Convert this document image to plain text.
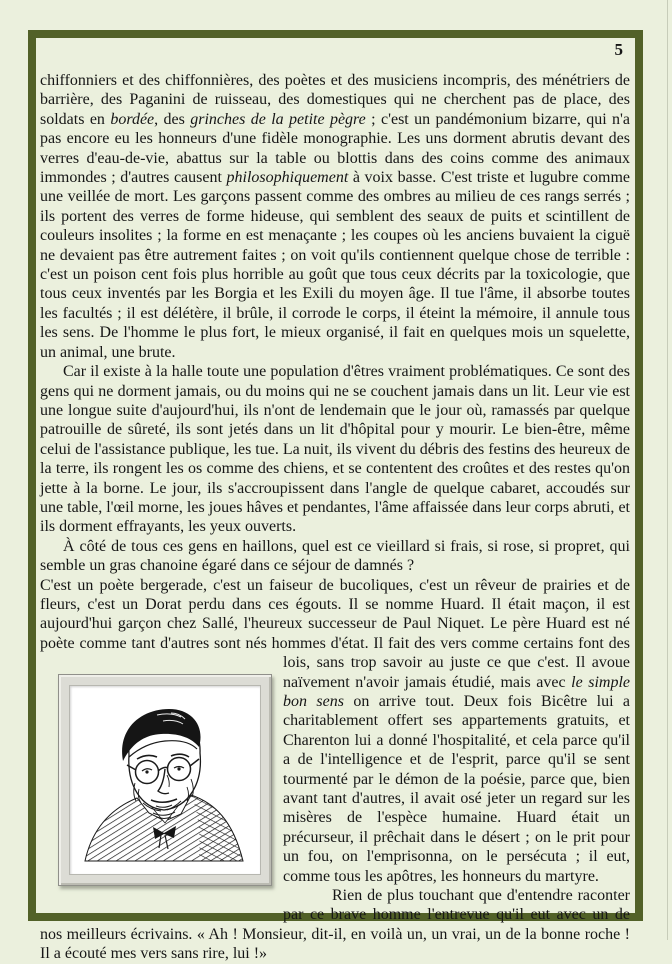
5

chiffonniers et des chiffonnières, des poètes et des musiciens incompris, des ménétriers de barrière, des Paganini de ruisseau, des domestiques qui ne cherchent pas de place, des soldats en bordée, des grinches de la petite pègre ; c'est un pandémonium bizarre, qui n'a pas encore eu les honneurs d'une fidèle monographie. Les uns dorment abrutis devant des verres d'eau-de-vie, abattus sur la table ou blottis dans des coins comme des animaux immondes ; d'autres causent philosophiquement à voix basse. C'est triste et lugubre comme une veillée de mort. Les garçons passent comme des ombres au milieu de ces rangs serrés ; ils portent des verres de forme hideuse, qui semblent des seaux de puits et scintillent de couleurs insolites ; la forme en est menaçante ; les coupes où les anciens buvaient la ciguë ne devaient pas être autrement faites ; on voit qu'ils contiennent quelque chose de terrible : c'est un poison cent fois plus horrible au goût que tous ceux décrits par la toxicologie, que tous ceux inventés par les Borgia et les Exili du moyen âge. Il tue l'âme, il absorbe toutes les facultés ; il est délétère, il brûle, il corrode le corps, il éteint la mémoire, il annule tous les sens. De l'homme le plus fort, le mieux organisé, il fait en quelques mois un squelette, un animal, une brute.

Car il existe à la halle toute une population d'êtres vraiment problématiques. Ce sont des gens qui ne dorment jamais, ou du moins qui ne se couchent jamais dans un lit. Leur vie est une longue suite d'aujourd'hui, ils n'ont de lendemain que le jour où, ramassés par quelque patrouille de sûreté, ils sont jetés dans un lit d'hôpital pour y mourir. Le bien-être, même celui de l'assistance publique, les tue. La nuit, ils vivent du débris des festins des heureux de la terre, ils rongent les os comme des chiens, et se contentent des croûtes et des restes qu'on jette à la borne. Le jour, ils s'accroupissent dans l'angle de quelque cabaret, accoudés sur une table, l'œil morne, les joues hâves et pendantes, l'âme affaissée dans leur corps abruti, et ils dorment effrayants, les yeux ouverts.

À côté de tous ces gens en haillons, quel est ce vieillard si frais, si rose, si propret, qui semble un gras chanoine égaré dans ce séjour de damnés ?

C'est un poète bergerade, c'est un faiseur de bucoliques, c'est un rêveur de prairies et de fleurs, c'est un Dorat perdu dans ces égouts. Il se nomme Huard. Il était maçon, il est aujourd'hui garçon chez Sallé, l'heureux successeur de Paul Niquet. Le père Huard est né poète comme tant d'autres sont nés hommes d'état. Il fait des vers comme certains font des lois, sans trop
savoir au juste ce que c'est. Il avoue naïvement n'avoir jamais étudié, mais avec le simple bon sens on arrive tout. Deux fois Bicêtre lui a charitablement offert ses appartements gratuits, et Charenton lui a donné l'hospitalité, et cela parce qu'il a de l'intelligence et de l'esprit, parce qu'il se sent tourmenté par le démon de la poésie, parce que, bien avant tant d'autres, il avait osé jeter un regard sur les misères de l'espèce humaine. Huard était un précurseur, il prêchait dans le désert ; on le prit pour un fou, on l'emprisonna, on le persécuta ; il eut, comme tous les apôtres, les honneurs du martyre.

Rien de plus touchant que d'entendre raconter par ce brave homme l'entrevue qu'il eut avec un de nos meilleurs écrivains. « Ah ! Monsieur, dit-il, en voilà un, un vrai, un de la bonne roche ! Il a écouté mes vers sans rire, lui !»
